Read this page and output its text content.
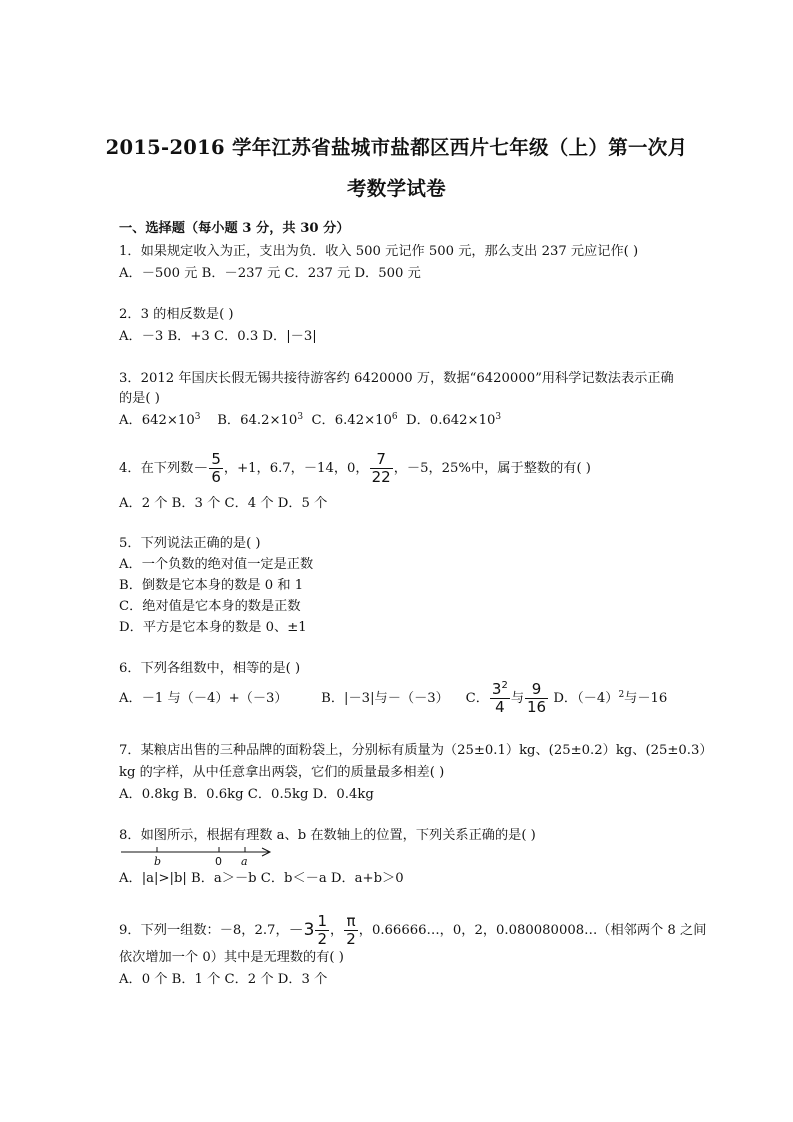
2015-2016 学年江苏省盐城市盐都区西片七年级（上）第一次月
考数学试卷
一、选择题（每小题 3 分，共 30 分）
1．如果规定收入为正，支出为负．收入 500 元记作 500 元，那么支出 237 元应记作( )
A．－500 元 B．－237 元 C．237 元 D．500 元
2．3 的相反数是( )
A．－3 B．+3 C．0.3 D．|－3|
3．2012 年国庆长假无锡共接待游客约 6420000 万，数据“6420000”用科学记数法表示正确
的是( )
A．$642\times 10^3$ B．$64.2\times 10^3$ C．$6.42\times 10^6$ D．$0.642\times 10^3$
4．在下列数－ $\frac{5}{6}$ ，+1，6.7，－14，0， $\frac{7}{22}$ ，－5，25%中，属于整数的有( )
A．2 个 B．3 个 C．4 个 D．5 个
5．下列说法正确的是( )
A．一个负数的绝对值一定是正数
B．倒数是它本身的数是 0 和 1
C．绝对值是它本身的数是正数
D．平方是它本身的数是 0、±1
6．下列各组数中，相等的是( )
A．－1 与（－4）+（－3）	B．|－3|与－（－3） C． $\frac{3^2}{4}$ 与 $\frac{9}{16}$ D．$(-4)^2$与－16
7．某粮店出售的三种品牌的面粉袋上，分别标有质量为（25±0.1）kg、(25±0.2）kg、(25±0.3）
kg 的字样，从中任意拿出两袋，它们的质量最多相差( )
A．0.8kg B．0.6kg C．0.5kg D．0.4kg
8．如图所示，根据有理数 a、b 在数轴上的位置，下列关系正确的是( )
b	0 a
A．|a|>|b| B．a＞－b C．b＜－a D．a+b＞0
9．下列一组数：－8，2.7，$-3 \frac{1}{2}$ ， $\frac{\pi}{2}$ ，0.66666…，0，2，0.080080008…（相邻两个 8 之间
依次增加一个 0）其中是无理数的有( )
A．0 个 B．1 个 C．2 个 D．3 个
